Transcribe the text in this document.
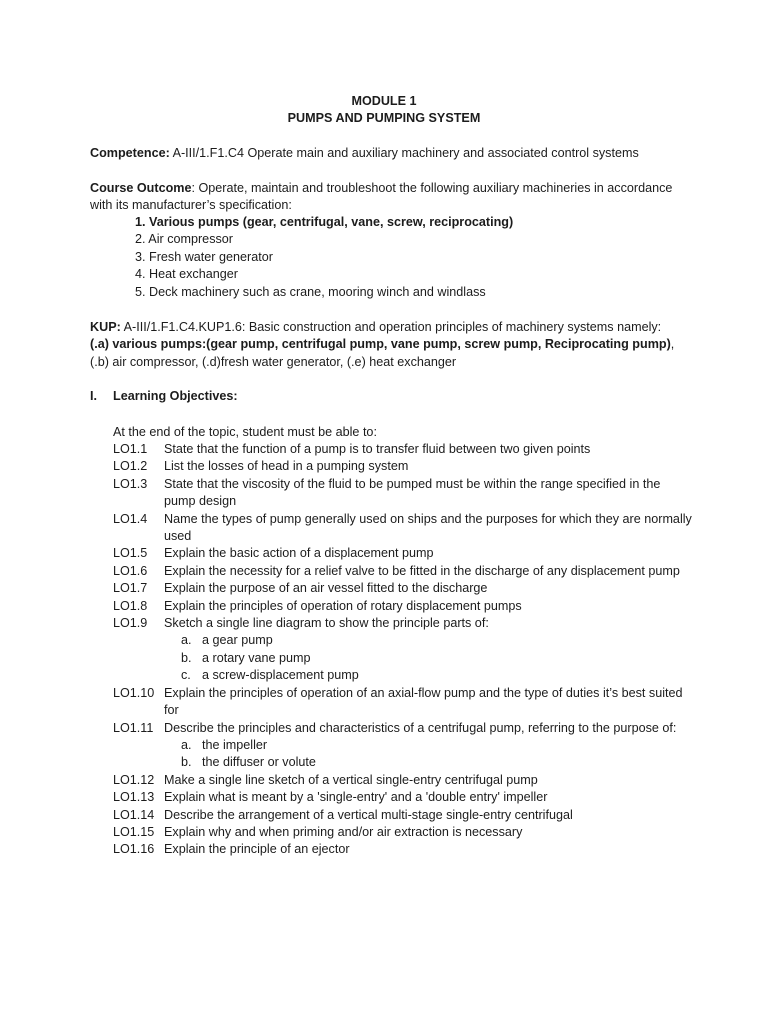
MODULE 1
PUMPS AND PUMPING SYSTEM
Competence: A-III/1.F1.C4 Operate main and auxiliary machinery and associated control systems
Course Outcome: Operate, maintain and troubleshoot the following auxiliary machineries in accordance with its manufacturer’s specification:
1. Various pumps (gear, centrifugal, vane, screw, reciprocating)
2. Air compressor
3. Fresh water generator
4. Heat exchanger
5. Deck machinery such as crane, mooring winch and windlass
KUP: A-III/1.F1.C4.KUP1.6: Basic construction and operation principles of machinery systems namely:
(.a) various pumps:(gear pump, centrifugal pump, vane pump, screw pump, Reciprocating pump), (.b) air compressor, (.d)fresh water generator, (.e) heat exchanger
I. Learning Objectives:
At the end of the topic, student must be able to:
LO1.1	State that the function of a pump is to transfer fluid between two given points
LO1.2	List the losses of head in a pumping system
LO1.3	State that the viscosity of the fluid to be pumped must be within the range specified in the pump design
LO1.4	Name the types of pump generally used on ships and the purposes for which they are normally used
LO1.5	Explain the basic action of a displacement pump
LO1.6	Explain the necessity for a relief valve to be fitted in the discharge of any displacement pump
LO1.7	Explain the purpose of an air vessel fitted to the discharge
LO1.8	Explain the principles of operation of rotary displacement pumps
LO1.9	Sketch a single line diagram to show the principle parts of:
a. a gear pump
b. a rotary vane pump
c. a screw-displacement pump
LO1.10 Explain the principles of operation of an axial-flow pump and the type of duties it’s best suited for
LO1.11 Describe the principles and characteristics of a centrifugal pump, referring to the purpose of:
a. the impeller
b. the diffuser or volute
LO1.12 Make a single line sketch of a vertical single-entry centrifugal pump
LO1.13 Explain what is meant by a 'single-entry' and a 'double entry' impeller
LO1.14 Describe the arrangement of a vertical multi-stage single-entry centrifugal
LO1.15 Explain why and when priming and/or air extraction is necessary
LO1.16 Explain the principle of an ejector
